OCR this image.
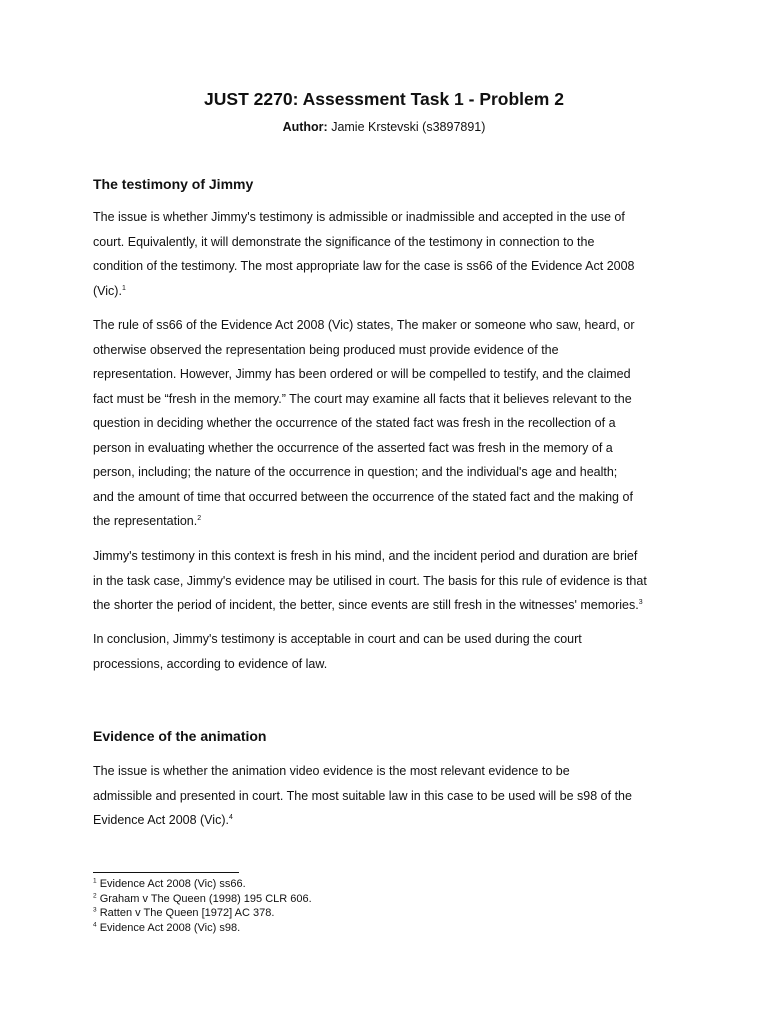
JUST 2270: Assessment Task 1 - Problem 2
Author: Jamie Krstevski (s3897891)
The testimony of Jimmy
The issue is whether Jimmy's testimony is admissible or inadmissible and accepted in the use of
court. Equivalently, it will demonstrate the significance of the testimony in connection to the
condition of the testimony. The most appropriate law for the case is ss66 of the Evidence Act 2008
(Vic).$^1$
The rule of ss66 of the Evidence Act 2008 (Vic) states, The maker or someone who saw, heard, or
otherwise observed the representation being produced must provide evidence of the
representation. However, Jimmy has been ordered or will be compelled to testify, and the claimed
fact must be “fresh in the memory.” The court may examine all facts that it believes relevant to the
question in deciding whether the occurrence of the stated fact was fresh in the recollection of a
person in evaluating whether the occurrence of the asserted fact was fresh in the memory of a
person, including; the nature of the occurrence in question; and the individual's age and health;
and the amount of time that occurred between the occurrence of the stated fact and the making of
the representation.$^2$
Jimmy's testimony in this context is fresh in his mind, and the incident period and duration are brief
in the task case, Jimmy's evidence may be utilised in court. The basis for this rule of evidence is that
the shorter the period of incident, the better, since events are still fresh in the witnesses' memories.$^3$
In conclusion, Jimmy's testimony is acceptable in court and can be used during the court
processions, according to evidence of law.
Evidence of the animation
The issue is whether the animation video evidence is the most relevant evidence to be
admissible and presented in court. The most suitable law in this case to be used will be s98 of the
Evidence Act 2008 (Vic).$^4$
$^1$ Evidence Act 2008 (Vic) ss66.
$^2$ Graham v The Queen (1998) 195 CLR 606.
$^3$ Ratten v The Queen [1972] AC 378.
$^4$ Evidence Act 2008 (Vic) s98.
